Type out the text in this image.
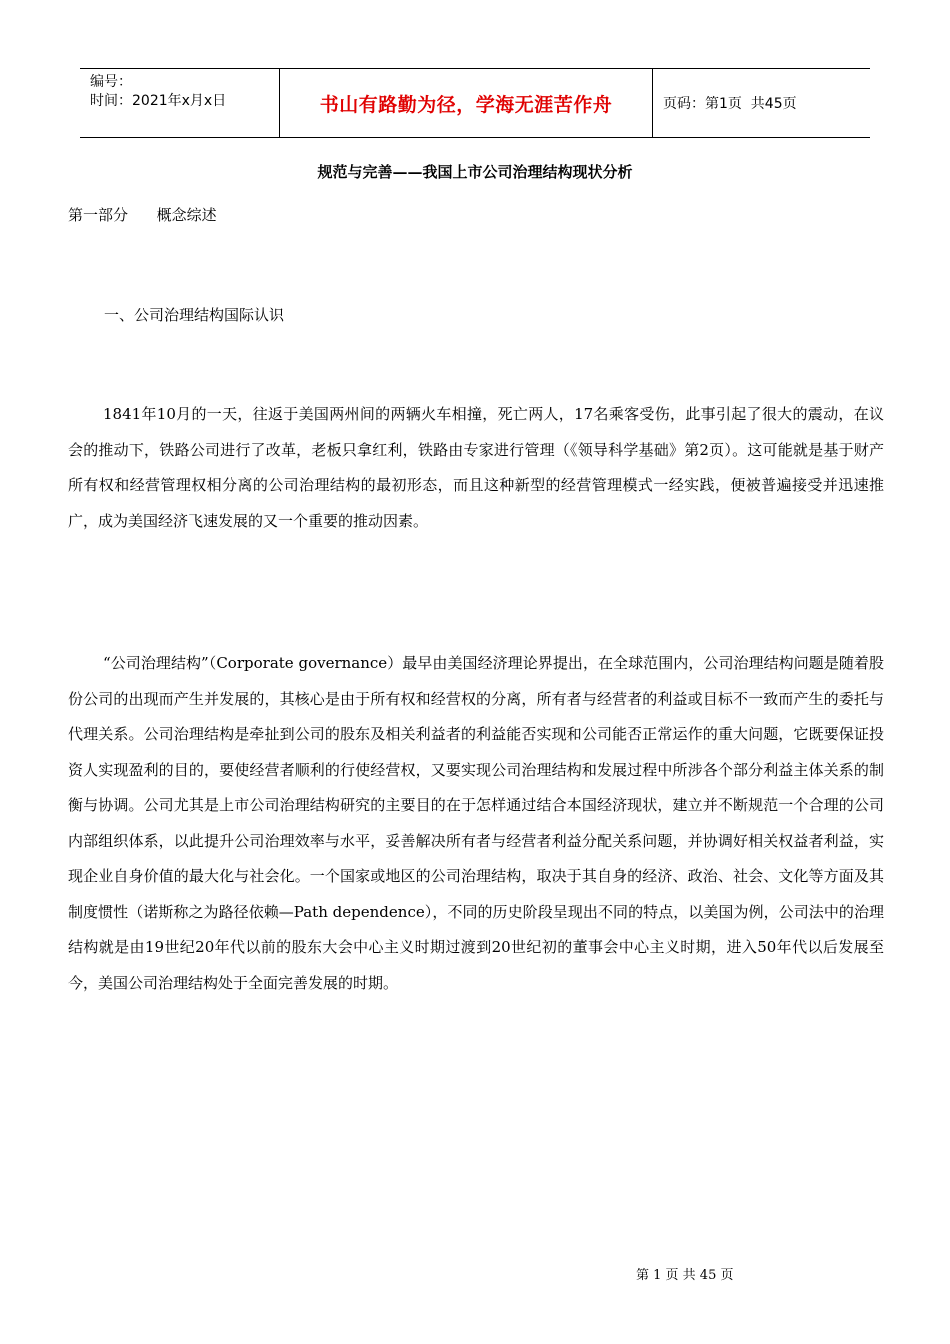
编号：
时间：2021年x月x日	书山有路勤为径，学海无涯苦作舟	页码：第1页  共45页
规范与完善——我国上市公司治理结构现状分析
第一部分      概念综述
一、公司治理结构国际认识
1841年10月的一天，往返于美国两州间的两辆火车相撞，死亡两人，17名乘客受伤，此事引起了很大的震动，在议会的推动下，铁路公司进行了改革，老板只拿红利，铁路由专家进行管理（《领导科学基础》第2页）。这可能就是基于财产所有权和经营管理权相分离的公司治理结构的最初形态，而且这种新型的经营管理模式一经实践，便被普遍接受并迅速推广，成为美国经济飞速发展的又一个重要的推动因素。
“公司治理结构”（Corporate governance）最早由美国经济理论界提出，在全球范围内，公司治理结构问题是随着股份公司的出现而产生并发展的，其核心是由于所有权和经营权的分离，所有者与经营者的利益或目标不一致而产生的委托与代理关系。公司治理结构是牵扯到公司的股东及相关利益者的利益能否实现和公司能否正常运作的重大问题，它既要保证投资人实现盈利的目的，要使经营者顺利的行使经营权，又要实现公司治理结构和发展过程中所涉各个部分利益主体关系的制衡与协调。公司尤其是上市公司治理结构研究的主要目的在于怎样通过结合本国经济现状，建立并不断规范一个合理的公司内部组织体系，以此提升公司治理效率与水平，妥善解决所有者与经营者利益分配关系问题，并协调好相关权益者利益，实现企业自身价值的最大化与社会化。一个国家或地区的公司治理结构，取决于其自身的经济、政治、社会、文化等方面及其制度惯性（诺斯称之为路径依赖—Path dependence），不同的历史阶段呈现出不同的特点，以美国为例，公司法中的治理结构就是由19世纪20年代以前的股东大会中心主义时期过渡到20世纪初的董事会中心主义时期，进入50年代以后发展至今，美国公司治理结构处于全面完善发展的时期。
第 1 页 共 45 页
